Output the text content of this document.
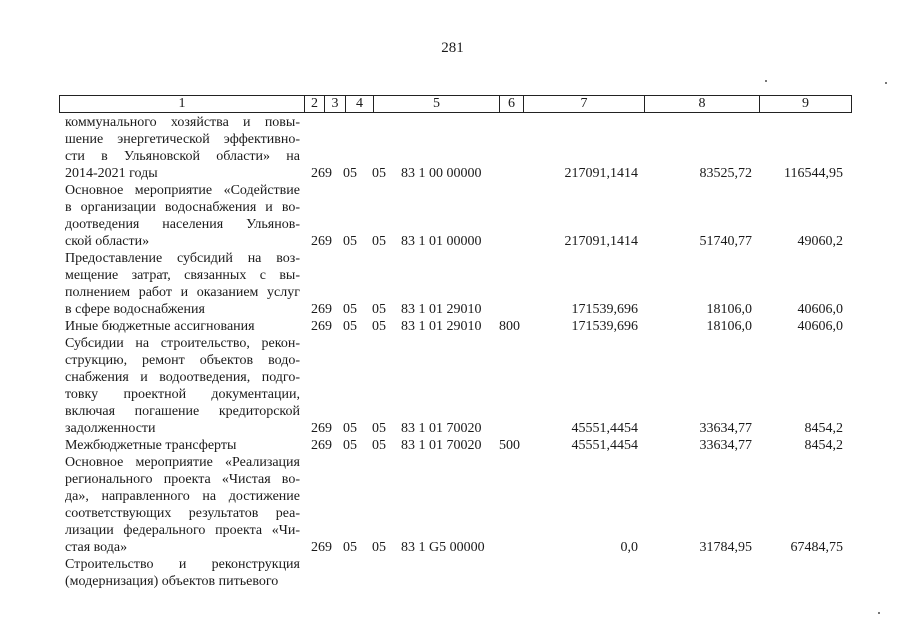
281
1	2 3	4	5	6	7	8	9
коммунального хозяйства и повы-
шение энергетической эффективно-
сти в Ульяновской области» на
2014-2021 годы	269 05 05 83 1 00 00000	217091,1414	83525,72 116544,95
Основное мероприятие «Содействие
в организации водоснабжения и во-
доотведения населения Ульянов-
ской области»	269 05 05 83 1 01 00000	217091,1414	51740,77	49060,2
Предоставление субсидий на воз-
мещение затрат, связанных с вы-
полнением работ и оказанием услуг
в сфере водоснабжения	269 05 05 83 1 01 29010	171539,696	18106,0	40606,0
Иные бюджетные ассигнования	269 05 05 83 1 01 29010 800	171539,696	18106,0	40606,0
Субсидии на строительство, рекон-
струкцию, ремонт объектов водо-
снабжения и водоотведения, подго-
товку проектной документации,
включая погашение кредиторской
задолженности	269 05 05 83 1 01 70020	45551,4454	33634,77	8454,2
Межбюджетные трансферты	269 05 05 83 1 01 70020 500	45551,4454	33634,77	8454,2
Основное мероприятие «Реализация
регионального проекта «Чистая во-
да», направленного на достижение
соответствующих результатов реа-
лизации федерального проекта «Чи-
стая вода»	269 05 05 83 1 G5 00000	0,0	31784,95	67484,75
Строительство и реконструкция
(модернизация) объектов питьевого
